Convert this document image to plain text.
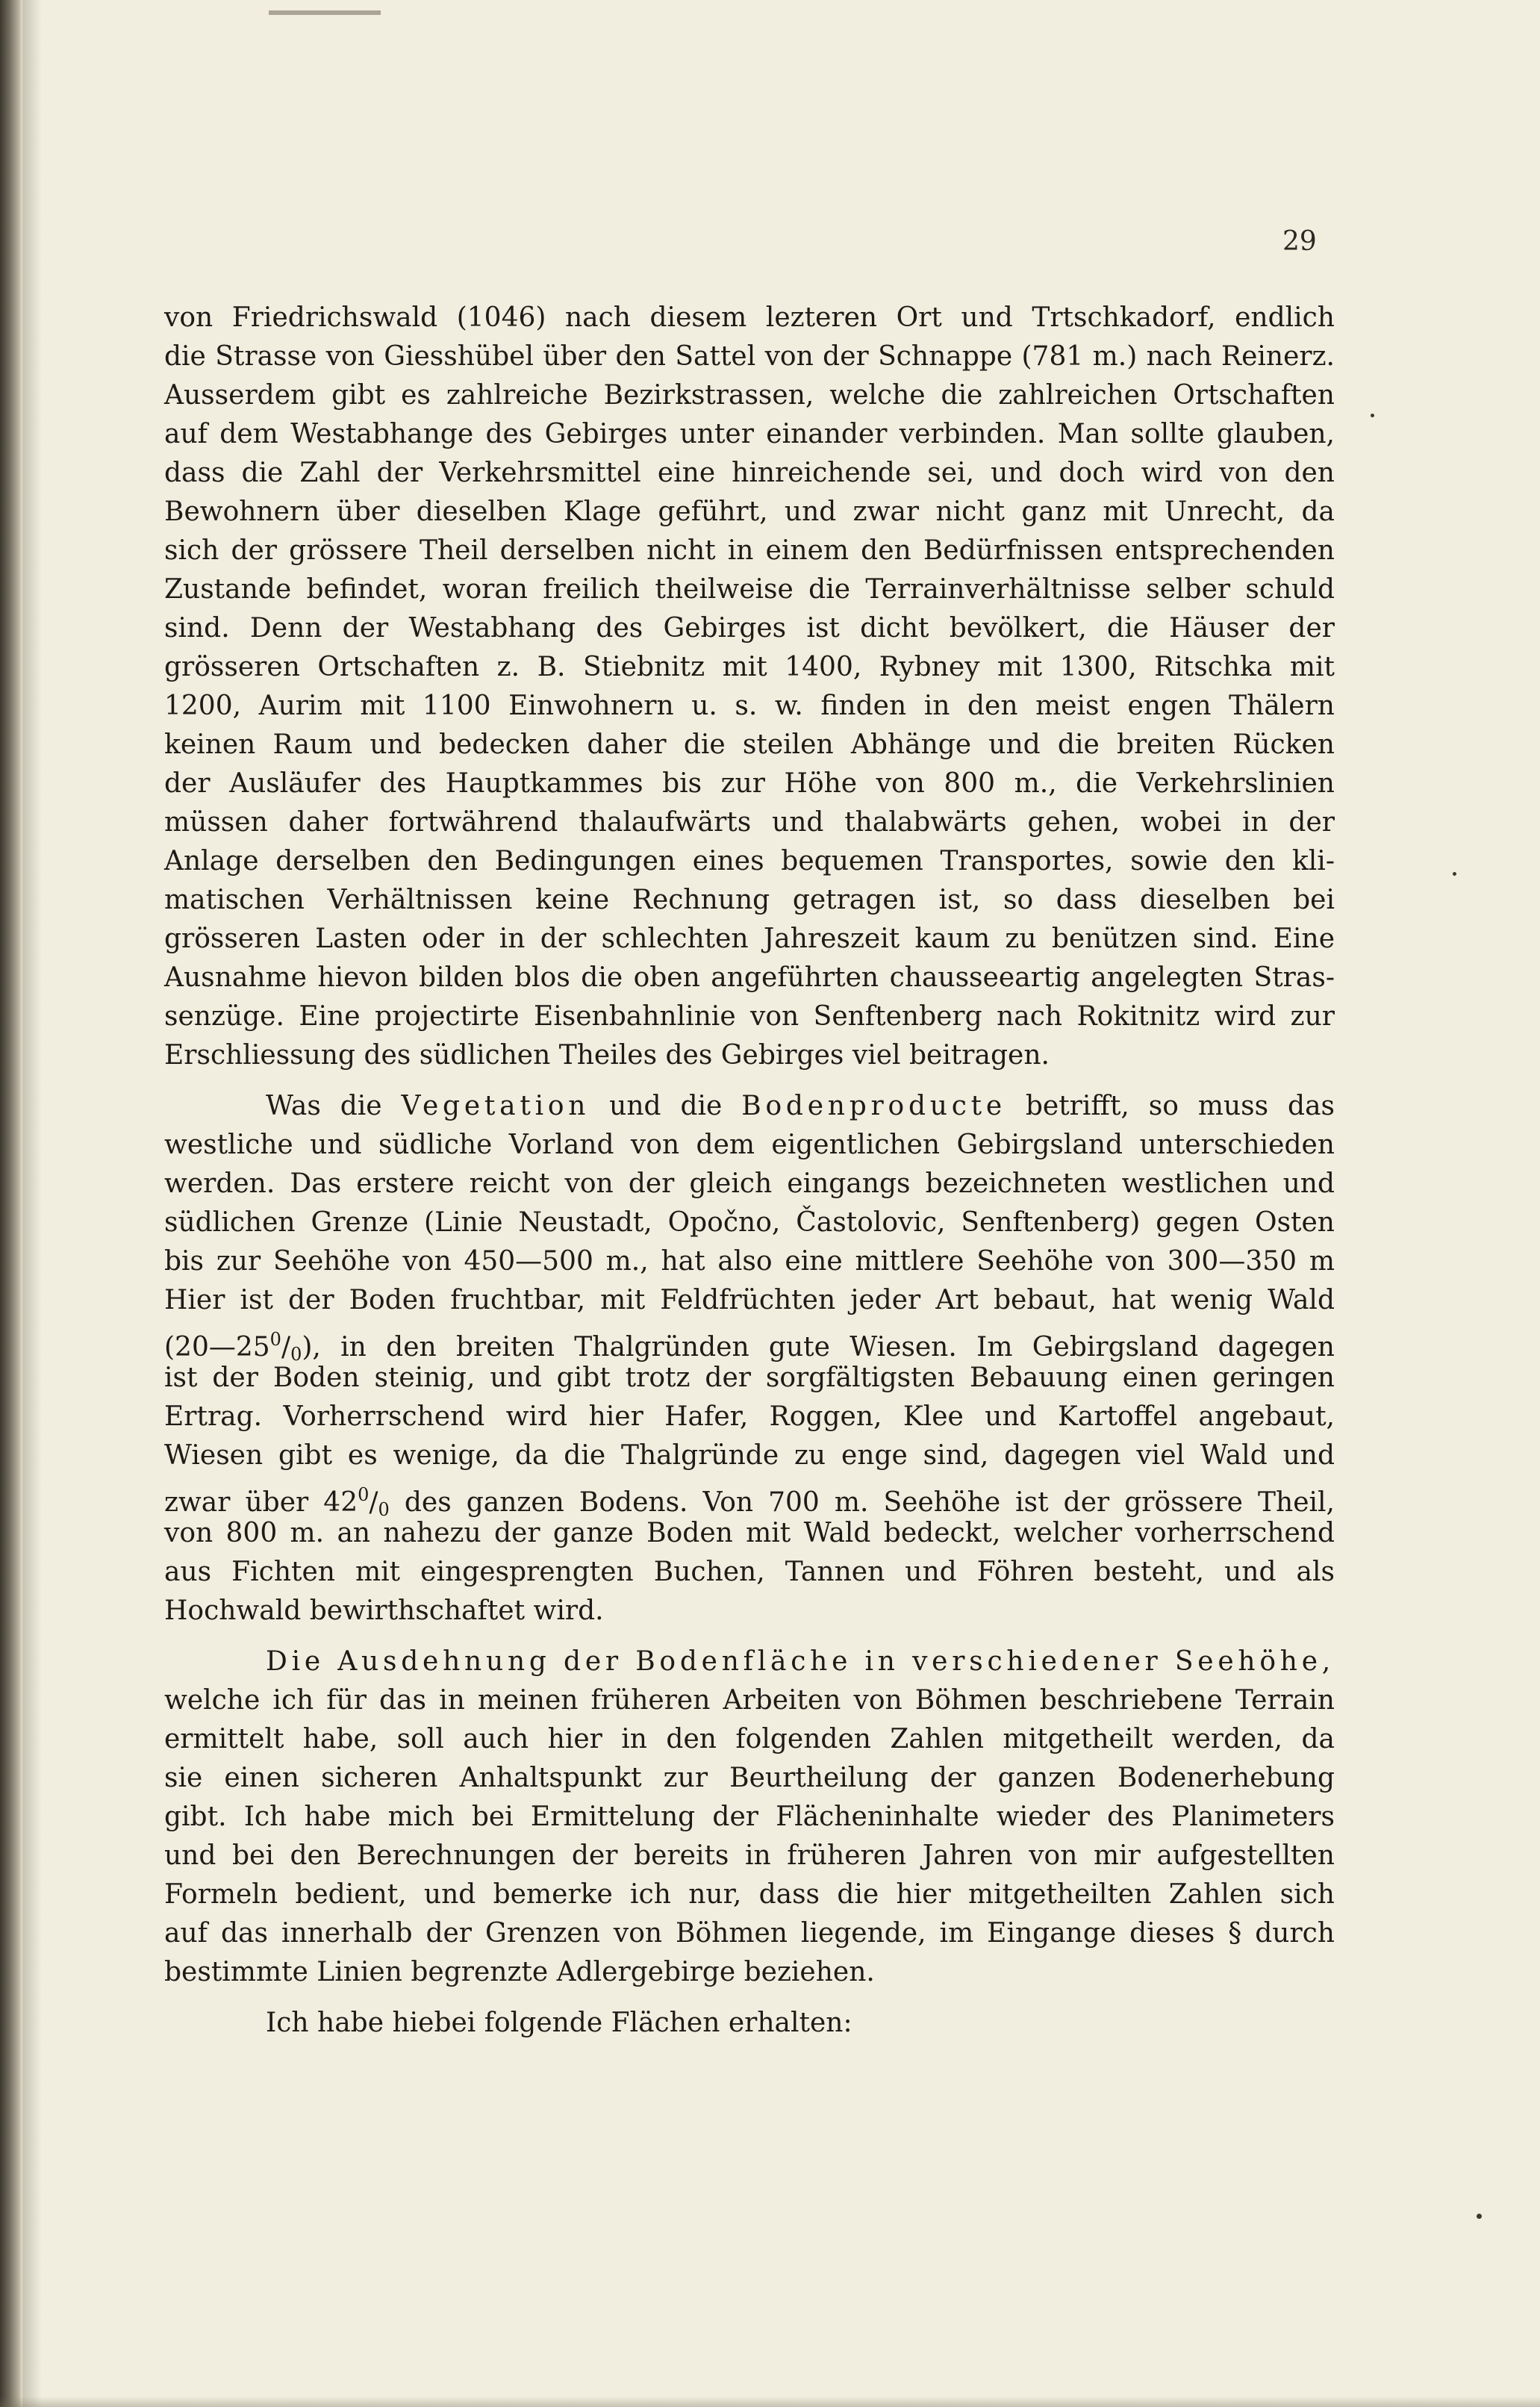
29
von Friedrichswald (1046) nach diesem lezteren Ort und Trtschkadorf, endlich
die Strasse von Giesshübel über den Sattel von der Schnappe (781 m.) nach Reinerz.
Ausserdem gibt es zahlreiche Bezirkstrassen, welche die zahlreichen Ortschaften
auf dem Westabhange des Gebirges unter einander verbinden. Man sollte glauben,
dass die Zahl der Verkehrsmittel eine hinreichende sei, und doch wird von den
Bewohnern über dieselben Klage geführt, und zwar nicht ganz mit Unrecht, da
sich der grössere Theil derselben nicht in einem den Bedürfnissen entsprechenden
Zustande befindet, woran freilich theilweise die Terrainverhältnisse selber schuld
sind. Denn der Westabhang des Gebirges ist dicht bevölkert, die Häuser der
grösseren Ortschaften z. B. Stiebnitz mit 1400, Rybney mit 1300, Ritschka mit
1200, Aurim mit 1100 Einwohnern u. s. w. finden in den meist engen Thälern
keinen Raum und bedecken daher die steilen Abhänge und die breiten Rücken
der Ausläufer des Hauptkammes bis zur Höhe von 800 m., die Verkehrslinien
müssen daher fortwährend thalaufwärts und thalabwärts gehen, wobei in der
Anlage derselben den Bedingungen eines bequemen Transportes, sowie den kli-
matischen Verhältnissen keine Rechnung getragen ist, so dass dieselben bei
grösseren Lasten oder in der schlechten Jahreszeit kaum zu benützen sind. Eine
Ausnahme hievon bilden blos die oben angeführten chausseeartig angelegten Stras-
senzüge. Eine projectirte Eisenbahnlinie von Senftenberg nach Rokitnitz wird zur
Erschliessung des südlichen Theiles des Gebirges viel beitragen.
Was die Vegetation und die Bodenproducte betrifft, so muss das
westliche und südliche Vorland von dem eigentlichen Gebirgsland unterschieden
werden. Das erstere reicht von der gleich eingangs bezeichneten westlichen und
südlichen Grenze (Linie Neustadt, Opočno, Častolovic, Senftenberg) gegen Osten
bis zur Seehöhe von 450—500 m., hat also eine mittlere Seehöhe von 300—350 m
Hier ist der Boden fruchtbar, mit Feldfrüchten jeder Art bebaut, hat wenig Wald
$(20—25^0/_0)$, in den breiten Thalgründen gute Wiesen. Im Gebirgsland dagegen
ist der Boden steinig, und gibt trotz der sorgfältigsten Bebauung einen geringen
Ertrag. Vorherrschend wird hier Hafer, Roggen, Klee und Kartoffel angebaut,
Wiesen gibt es wenige, da die Thalgründe zu enge sind, dagegen viel Wald und
zwar über $42^0/_0$ des ganzen Bodens. Von 700 m. Seehöhe ist der grössere Theil,
von 800 m. an nahezu der ganze Boden mit Wald bedeckt, welcher vorherrschend
aus Fichten mit eingesprengten Buchen, Tannen und Föhren besteht, und als
Hochwald bewirthschaftet wird.
Die Ausdehnung der Bodenfläche in verschiedener Seehöhe,
welche ich für das in meinen früheren Arbeiten von Böhmen beschriebene Terrain
ermittelt habe, soll auch hier in den folgenden Zahlen mitgetheilt werden, da
sie einen sicheren Anhaltspunkt zur Beurtheilung der ganzen Bodenerhebung
gibt. Ich habe mich bei Ermittelung der Flächeninhalte wieder des Planimeters
und bei den Berechnungen der bereits in früheren Jahren von mir aufgestellten
Formeln bedient, und bemerke ich nur, dass die hier mitgetheilten Zahlen sich
auf das innerhalb der Grenzen von Böhmen liegende, im Eingange dieses § durch
bestimmte Linien begrenzte Adlergebirge beziehen.
Ich habe hiebei folgende Flächen erhalten:
